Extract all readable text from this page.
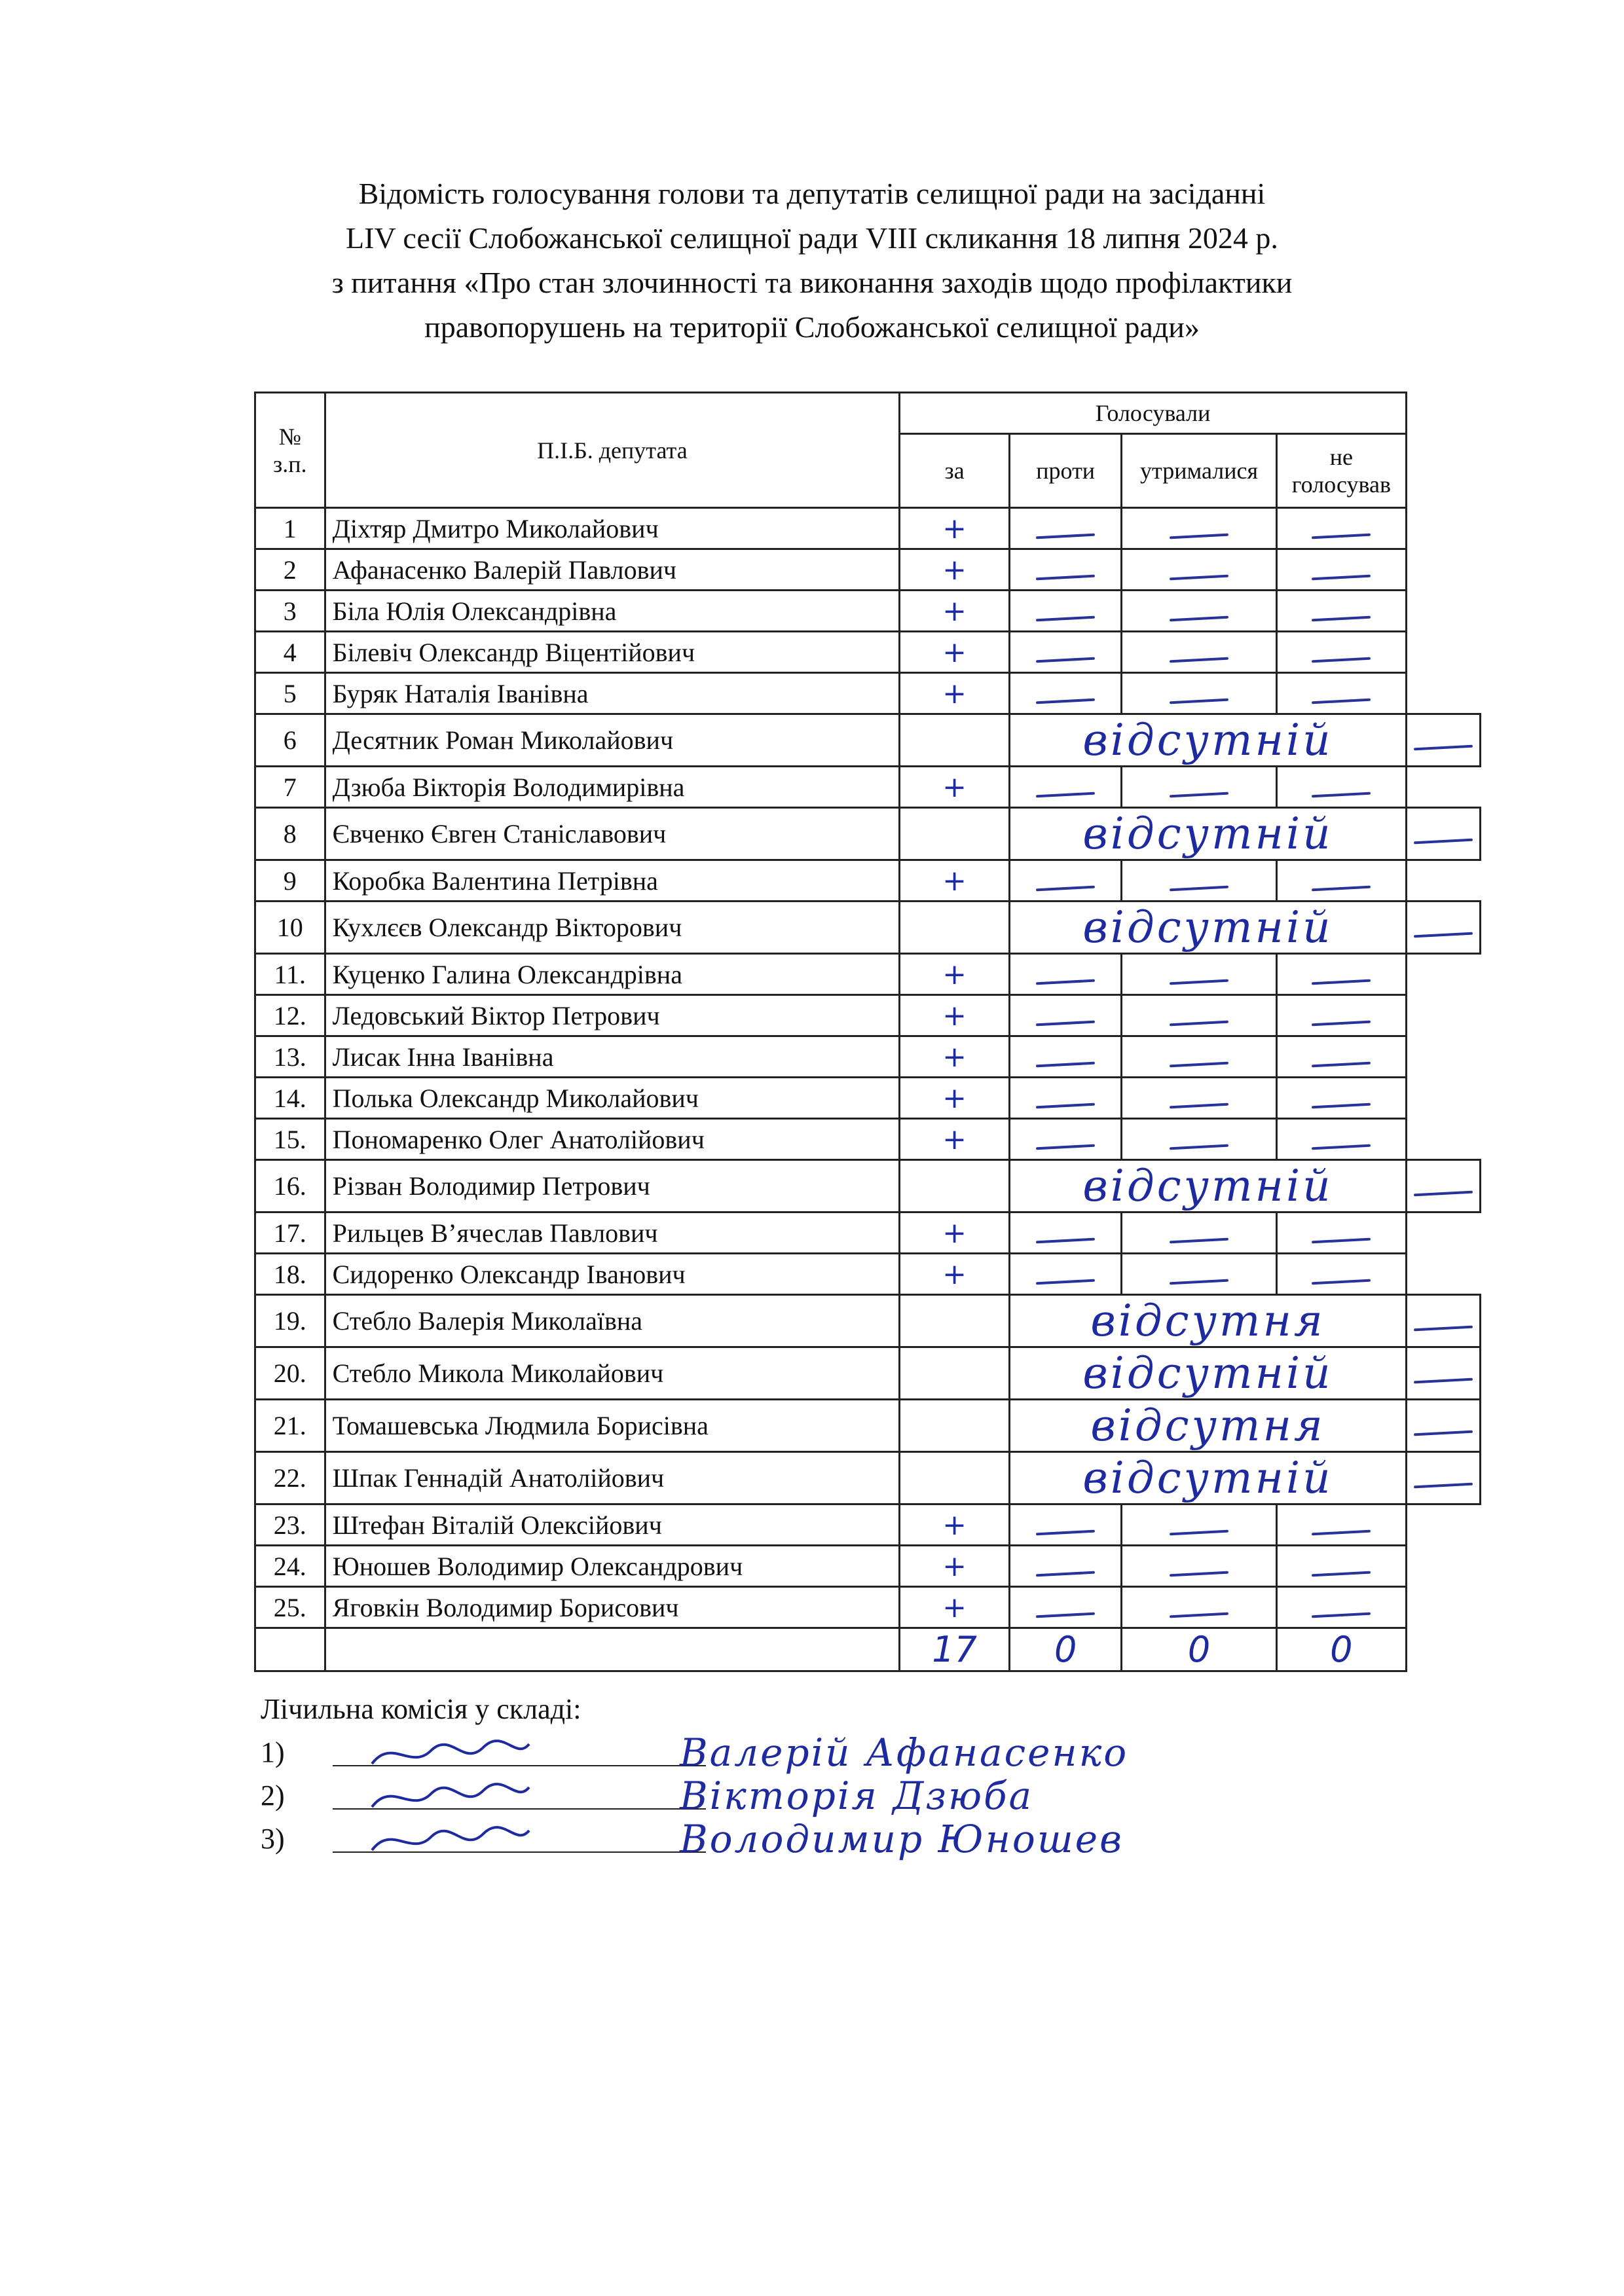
Відомість голосування голови та депутатів селищної ради на засіданні
LIV сесії Слобожанської селищної ради VIII скликання 18 липня 2024 р.
з питання «Про стан злочинності та виконання заходів щодо профілактики
правопорушень на території Слобожанської селищної ради»
№ з.п.	П.І.Б. депутата	Голосували				
		за	проти	утрималися	не голосував	
1	Діхтяр Дмитро Миколайович	+				
2	Афанасенко Валерій Павлович	+				
3	Біла Юлія Олександрівна	+				
4	Білевіч Олександр Віцентійович	+				
5	Буряк Наталія Іванівна	+				
6	Десятник Роман Миколайович		відсутній			
7	Дзюба Вікторія Володимирівна	+				
8	Євченко Євген Станіславович		відсутній			
9	Коробка Валентина Петрівна	+				
10	Кухлєєв Олександр Вікторович		відсутній			
11.	Куценко Галина Олександрівна	+				
12.	Ледовський Віктор Петрович	+				
13.	Лисак Інна Іванівна	+				
14.	Полька Олександр Миколайович	+				
15.	Пономаренко Олег Анатолійович	+				
16.	Різван Володимир Петрович		відсутній			
17.	Рильцев В’ячеслав Павлович	+				
18.	Сидоренко Олександр Іванович	+				
19.	Стебло Валерія Миколаївна		відсутня			
20.	Стебло Микола Миколайович		відсутній			
21.	Томашевська Людмила Борисівна		відсутня			
22.	Шпак Геннадій Анатолійович		відсутній			
23.	Штефан Віталій Олексійович	+				
24.	Юношев Володимир Олександрович	+				
25.	Яговкін Володимир Борисович	+				
		17	0	0	0	
Лічильна комісія у складі:
1)	Валерій Афанасенко
2)	Вікторія Дзюба
3)	Володимир Юношев
